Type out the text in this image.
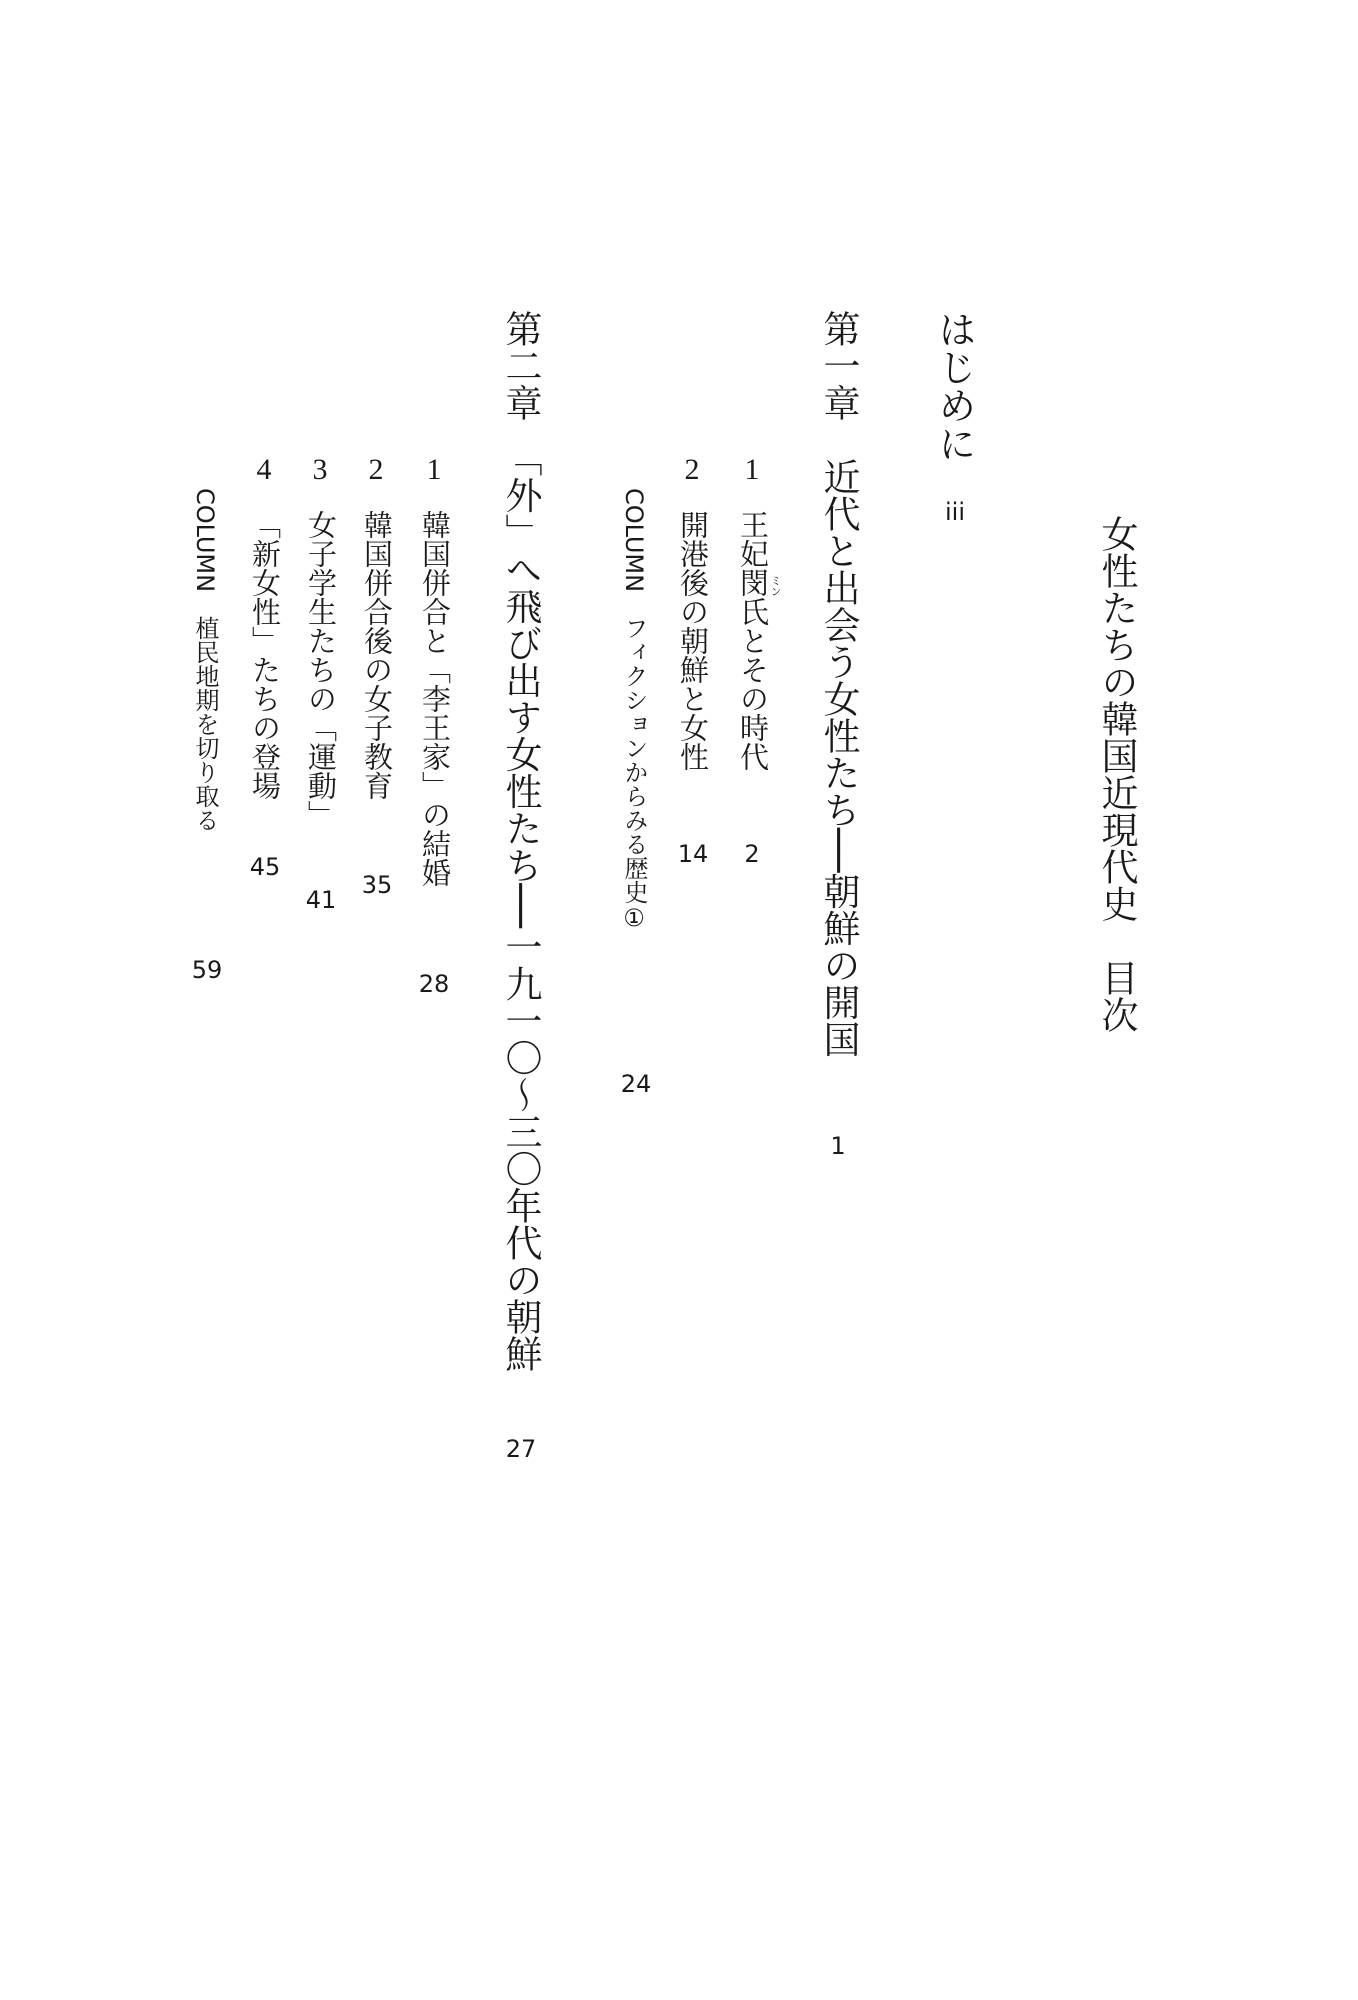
女性たちの韓国近現代史　目次
はじめに
iii
第一章　近代と出会う女性たち──朝鮮の開国
1
1
王妃閔氏とその時代 ミン
2
2
開港後の朝鮮と女性
14
COLUMN　フィクションからみる歴史①
24
第二章　「外」へ飛び出す女性たち──一九一〇〜三〇年代の朝鮮
27
1
韓国併合と「李王家」の結婚
28
2
韓国併合後の女子教育
35
3
女子学生たちの「運動」
41
4
「新女性」たちの登場
45
COLUMN　植民地期を切り取る
59
